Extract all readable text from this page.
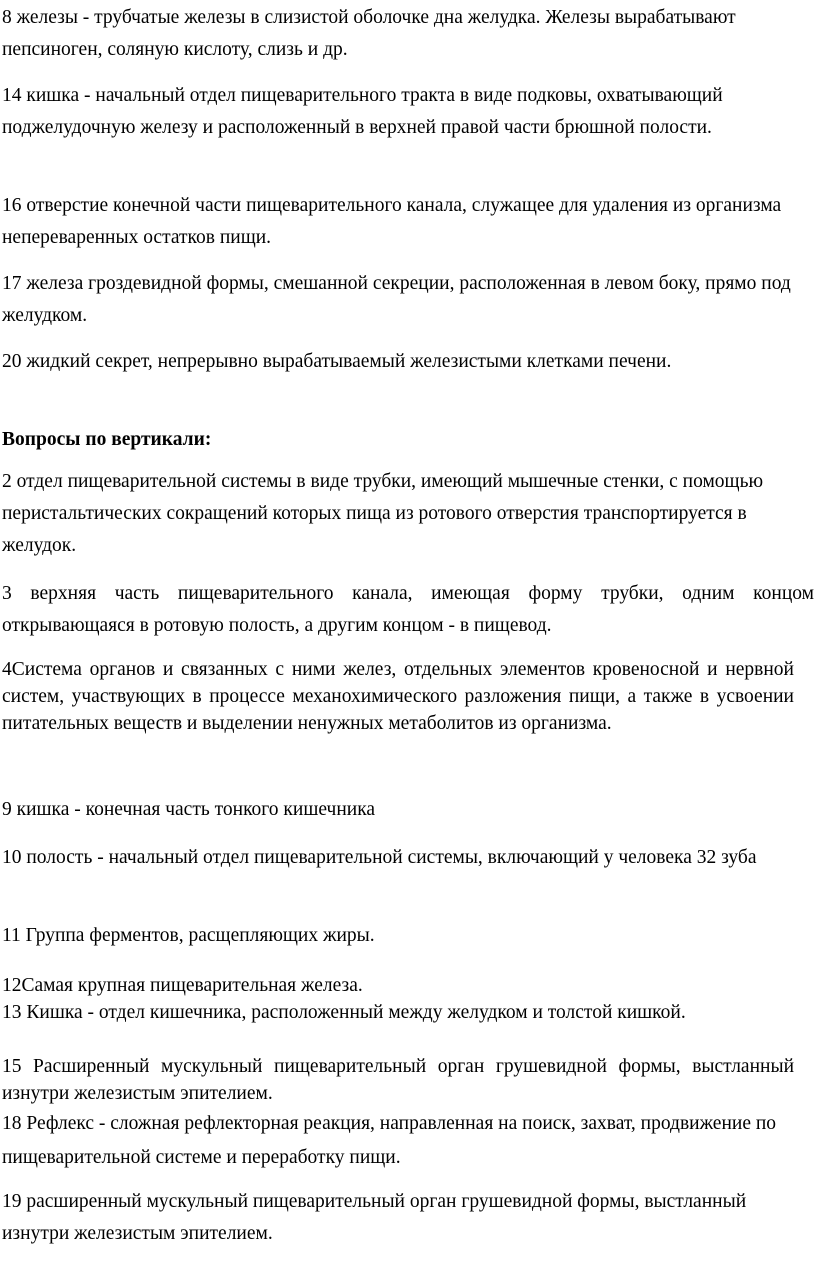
8 железы - трубчатые железы в слизистой оболочке дна желудка. Железы вырабатывают пепсиноген, соляную кислоту, слизь и др.

14 кишка - начальный отдел пищеварительного тракта в виде подковы, охватывающий поджелудочную железу и расположенный в верхней правой части брюшной полости.

16 отверстие конечной части пищеварительного канала, служащее для удаления из организма непереваренных остатков пищи.

17 железа гроздевидной формы, смешанной секреции, расположенная в левом боку, прямо под желудком.

20 жидкий секрет, непрерывно вырабатываемый железистыми клетками печени.

Вопросы по вертикали:

2 отдел пищеварительной системы в виде трубки, имеющий мышечные стенки, с помощью перистальтических сокращений которых пища из ротового отверстия транспортируется в желудок.

3 верхняя часть пищеварительного канала, имеющая форму трубки, одним концом открывающаяся в ротовую полость, а другим концом - в пищевод.

4Система органов и связанных с ними желез, отдельных элементов кровеносной и нервной систем, участвующих в процессе механохимического разложения пищи, а также в усвоении питательных веществ и выделении ненужных метаболитов из организма.

9 кишка - конечная часть тонкого кишечника

10 полость - начальный отдел пищеварительной системы, включающий у человека 32 зуба

11 Группа ферментов, расщепляющих жиры.

12Самая крупная пищеварительная железа.

13 Кишка - отдел кишечника, расположенный между желудком и толстой кишкой.

15 Расширенный мускульный пищеварительный орган грушевидной формы, выстланный изнутри железистым эпителием.

18 Рефлекс - сложная рефлекторная реакция, направленная на поиск, захват, продвижение по пищеварительной системе и переработку пищи.

19 расширенный мускульный пищеварительный орган грушевидной формы, выстланный изнутри железистым эпителием.
